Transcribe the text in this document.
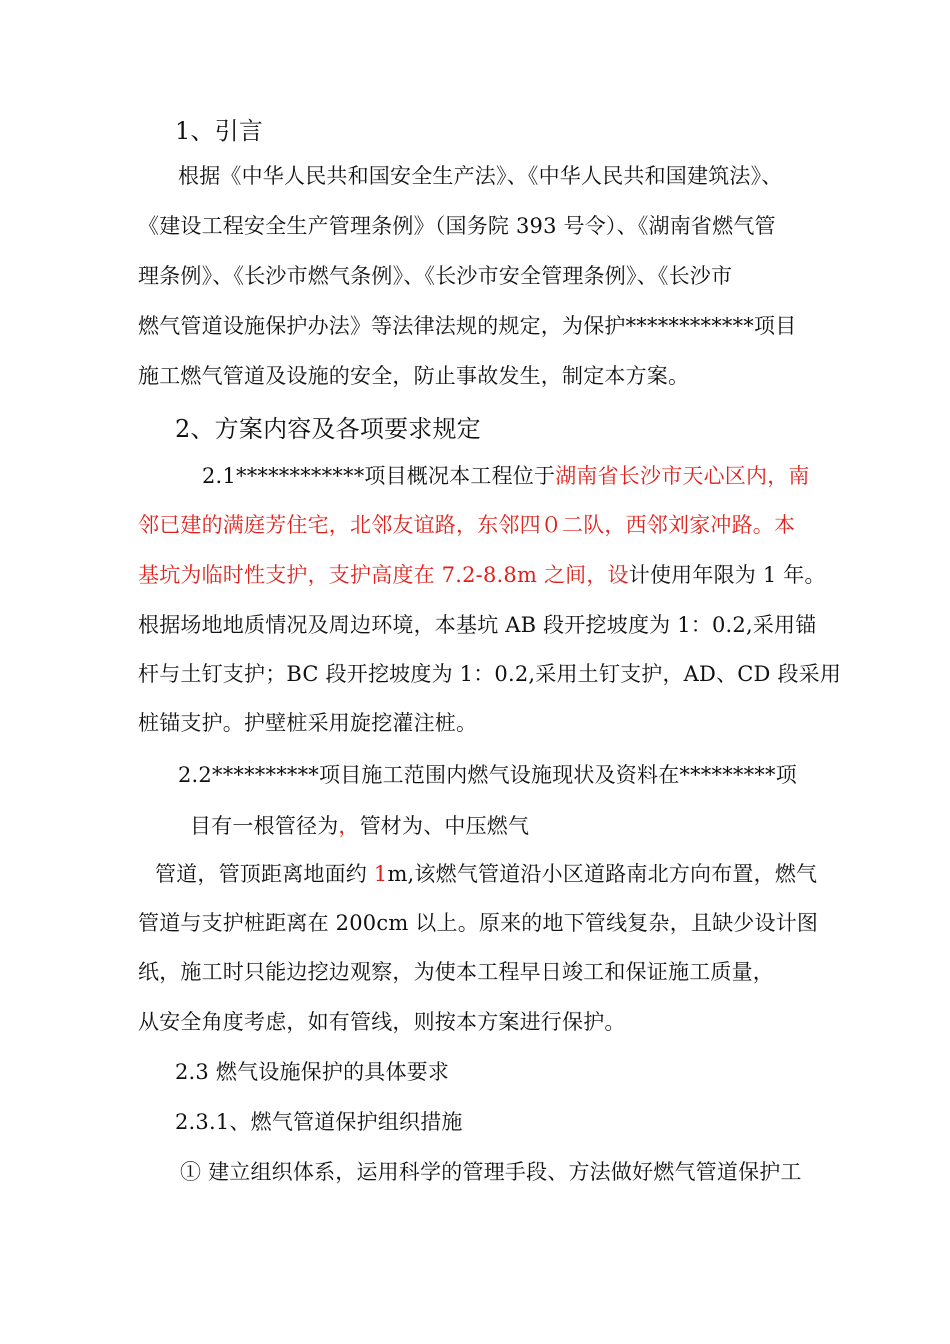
1、引言
根据《中华人民共和国安全生产法》、《中华人民共和国建筑法》、
《建设工程安全生产管理条例》（国务院 393 号令）、《湖南省燃气管
理条例》、《长沙市燃气条例》、《长沙市安全管理条例》、《长沙市
燃气管道设施保护办法》等法律法规的规定，为保护************项目
施工燃气管道及设施的安全，防止事故发生，制定本方案。
2、方案内容及各项要求规定
2.1************项目概况本工程位于湖南省长沙市天心区内，南
邻已建的满庭芳住宅，北邻友谊路，东邻四０二队，西邻刘家冲路。本
基坑为临时性支护，支护高度在 7.2-8.8m 之间，设计使用年限为 1 年。
根据场地地质情况及周边环境，本基坑 AB 段开挖坡度为 1：0.2,采用锚
杆与土钉支护；BC 段开挖坡度为 1：0.2,采用土钉支护，AD、CD 段采用
桩锚支护。护壁桩采用旋挖灌注桩。
2.2**********项目施工范围内燃气设施现状及资料在*********项
目有一根管径为，管材为、中压燃气
管道，管顶距离地面约 1m,该燃气管道沿小区道路南北方向布置，燃气
管道与支护桩距离在 200cm 以上。原来的地下管线复杂，且缺少设计图
纸，施工时只能边挖边观察，为使本工程早日竣工和保证施工质量，
从安全角度考虑，如有管线，则按本方案进行保护。
2.3 燃气设施保护的具体要求
2.3.1、燃气管道保护组织措施
① 建立组织体系，运用科学的管理手段、方法做好燃气管道保护工
